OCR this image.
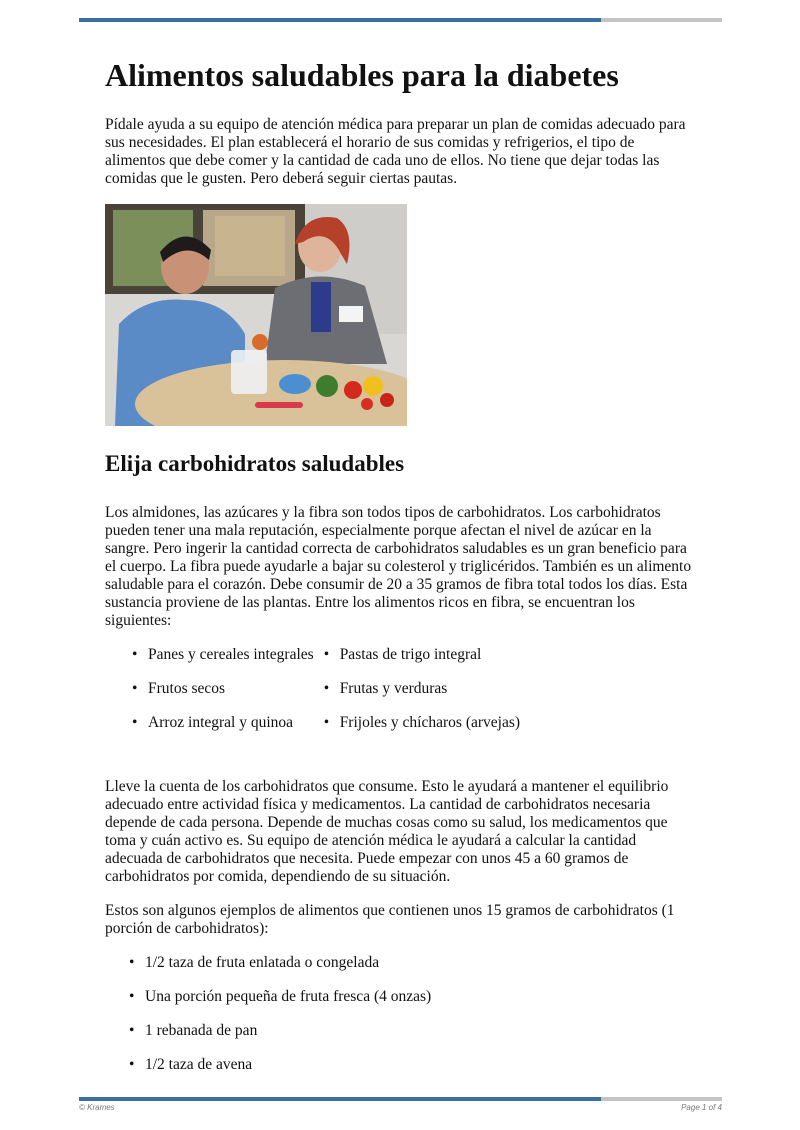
Alimentos saludables para la diabetes

Pídale ayuda a su equipo de atención médica para preparar un plan de comidas adecuado para sus necesidades. El plan establecerá el horario de sus comidas y refrigerios, el tipo de alimentos que debe comer y la cantidad de cada uno de ellos. No tiene que dejar todas las comidas que le gusten. Pero deberá seguir ciertas pautas.

Elija carbohidratos saludables

Los almidones, las azúcares y la fibra son todos tipos de carbohidratos. Los carbohidratos pueden tener una mala reputación, especialmente porque afectan el nivel de azúcar en la sangre. Pero ingerir la cantidad correcta de carbohidratos saludables es un gran beneficio para el cuerpo. La fibra puede ayudarle a bajar su colesterol y triglicéridos. También es un alimento saludable para el corazón. Debe consumir de 20 a 35 gramos de fibra total todos los días. Esta sustancia proviene de las plantas. Entre los alimentos ricos en fibra, se encuentran los siguientes:

• Panes y cereales integrales
• Frutos secos
• Arroz integral y quinoa
• Pastas de trigo integral
• Frutas y verduras
• Frijoles y chícharos (arvejas)

Lleve la cuenta de los carbohidratos que consume. Esto le ayudará a mantener el equilibrio adecuado entre actividad física y medicamentos. La cantidad de carbohidratos necesaria depende de cada persona. Depende de muchas cosas como su salud, los medicamentos que toma y cuán activo es. Su equipo de atención médica le ayudará a calcular la cantidad adecuada de carbohidratos que necesita. Puede empezar con unos 45 a 60 gramos de carbohidratos por comida, dependiendo de su situación.

Estos son algunos ejemplos de alimentos que contienen unos 15 gramos de carbohidratos (1 porción de carbohidratos):

• 1/2 taza de fruta enlatada o congelada
• Una porción pequeña de fruta fresca (4 onzas)
• 1 rebanada de pan
• 1/2 taza de avena
© Krames	Page 1 of 4
